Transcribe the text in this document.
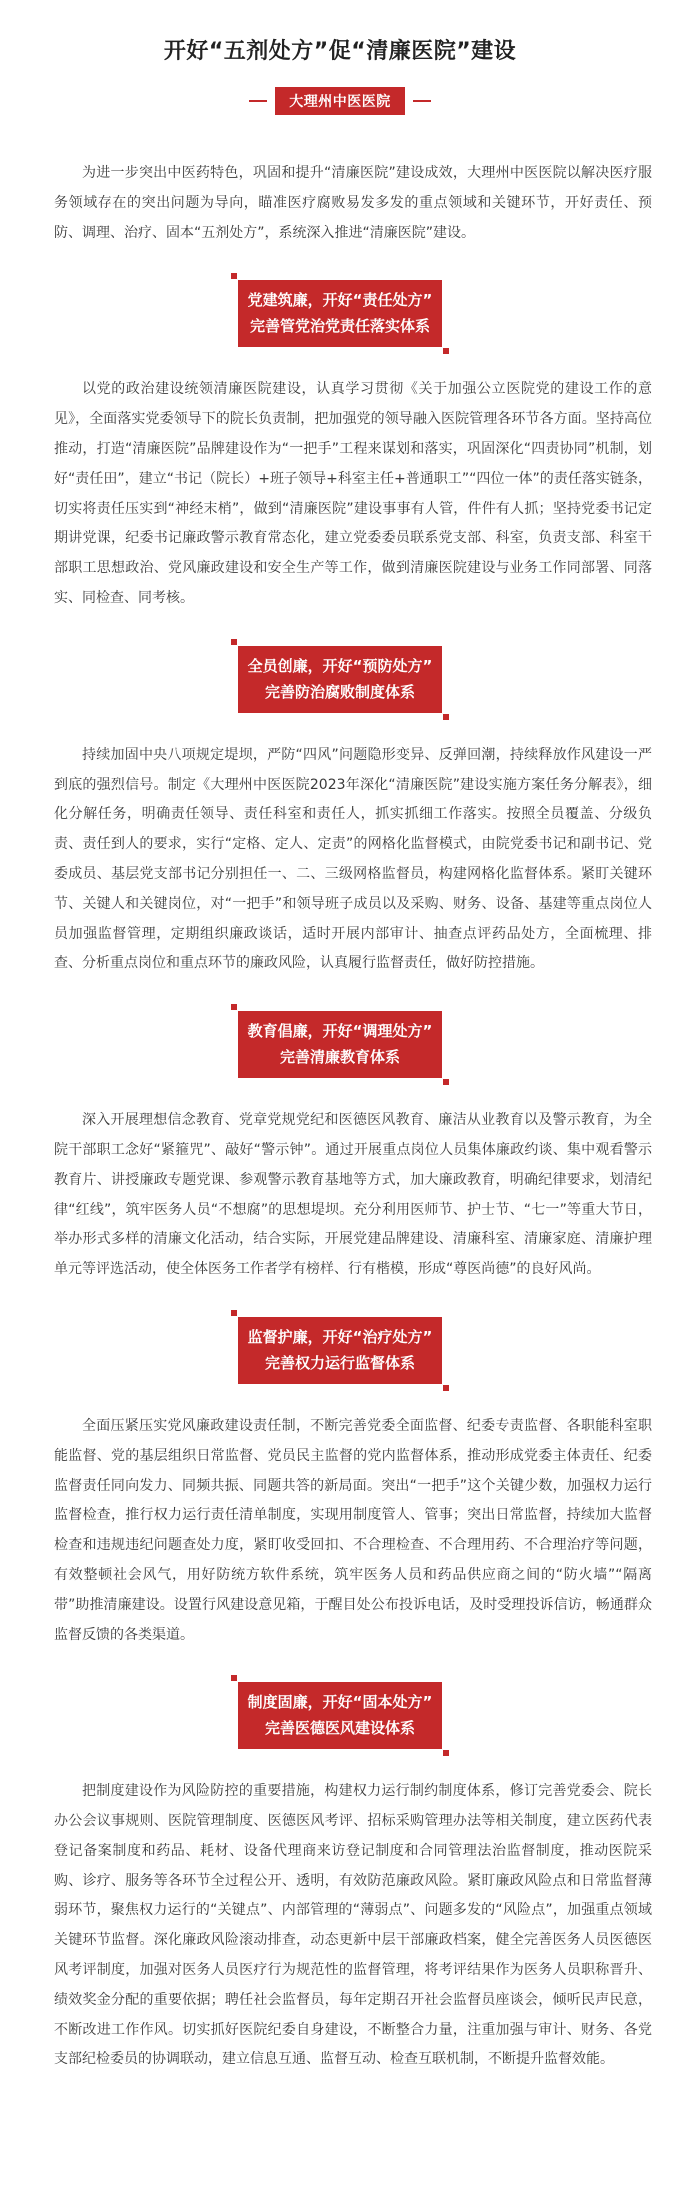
开好“五剂处方”促“清廉医院”建设
大理州中医医院

为进一步突出中医药特色，巩固和提升“清廉医院”建设成效，大理州中医医院以解决医疗服务领域存在的突出问题为导向，瞄准医疗腐败易发多发的重点领域和关键环节，开好责任、预防、调理、治疗、固本“五剂处方”，系统深入推进“清廉医院”建设。

党建筑廉，开好“责任处方”
完善管党治党责任落实体系

以党的政治建设统领清廉医院建设，认真学习贯彻《关于加强公立医院党的建设工作的意见》，全面落实党委领导下的院长负责制，把加强党的领导融入医院管理各环节各方面。坚持高位推动，打造“清廉医院”品牌建设作为“一把手”工程来谋划和落实，巩固深化“四责协同”机制，划好“责任田”，建立“书记（院长）+班子领导+科室主任+普通职工”“四位一体”的责任落实链条，切实将责任压实到“神经末梢”，做到“清廉医院”建设事事有人管，件件有人抓；坚持党委书记定期讲党课，纪委书记廉政警示教育常态化，建立党委委员联系党支部、科室，负责支部、科室干部职工思想政治、党风廉政建设和安全生产等工作，做到清廉医院建设与业务工作同部署、同落实、同检查、同考核。

全员创廉，开好“预防处方”
完善防治腐败制度体系

持续加固中央八项规定堤坝，严防“四风”问题隐形变异、反弹回潮，持续释放作风建设一严到底的强烈信号。制定《大理州中医医院2023年深化“清廉医院”建设实施方案任务分解表》，细化分解任务，明确责任领导、责任科室和责任人，抓实抓细工作落实。按照全员覆盖、分级负责、责任到人的要求，实行“定格、定人、定责”的网格化监督模式，由院党委书记和副书记、党委成员、基层党支部书记分别担任一、二、三级网格监督员，构建网格化监督体系。紧盯关键环节、关键人和关键岗位，对“一把手”和领导班子成员以及采购、财务、设备、基建等重点岗位人员加强监督管理，定期组织廉政谈话，适时开展内部审计、抽查点评药品处方，全面梳理、排查、分析重点岗位和重点环节的廉政风险，认真履行监督责任，做好防控措施。

教育倡廉，开好“调理处方”
完善清廉教育体系

深入开展理想信念教育、党章党规党纪和医德医风教育、廉洁从业教育以及警示教育，为全院干部职工念好“紧箍咒”、敲好“警示钟”。通过开展重点岗位人员集体廉政约谈、集中观看警示教育片、讲授廉政专题党课、参观警示教育基地等方式，加大廉政教育，明确纪律要求，划清纪律“红线”，筑牢医务人员“不想腐”的思想堤坝。充分利用医师节、护士节、“七一”等重大节日，举办形式多样的清廉文化活动，结合实际，开展党建品牌建设、清廉科室、清廉家庭、清廉护理单元等评选活动，使全体医务工作者学有榜样、行有楷模，形成“尊医尚德”的良好风尚。

监督护廉，开好“治疗处方”
完善权力运行监督体系

全面压紧压实党风廉政建设责任制，不断完善党委全面监督、纪委专责监督、各职能科室职能监督、党的基层组织日常监督、党员民主监督的党内监督体系，推动形成党委主体责任、纪委监督责任同向发力、同频共振、同题共答的新局面。突出“一把手”这个关键少数，加强权力运行监督检查，推行权力运行责任清单制度，实现用制度管人、管事；突出日常监督，持续加大监督检查和违规违纪问题查处力度，紧盯收受回扣、不合理检查、不合理用药、不合理治疗等问题，有效整顿社会风气，用好防统方软件系统，筑牢医务人员和药品供应商之间的“防火墙”“隔离带”助推清廉建设。设置行风建设意见箱，于醒目处公布投诉电话，及时受理投诉信访，畅通群众监督反馈的各类渠道。

制度固廉，开好“固本处方”
完善医德医风建设体系

把制度建设作为风险防控的重要措施，构建权力运行制约制度体系，修订完善党委会、院长办公会议事规则、医院管理制度、医德医风考评、招标采购管理办法等相关制度，建立医药代表登记备案制度和药品、耗材、设备代理商来访登记制度和合同管理法治监督制度，推动医院采购、诊疗、服务等各环节全过程公开、透明，有效防范廉政风险。紧盯廉政风险点和日常监督薄弱环节，聚焦权力运行的“关键点”、内部管理的“薄弱点”、问题多发的“风险点”，加强重点领域关键环节监督。深化廉政风险滚动排查，动态更新中层干部廉政档案，健全完善医务人员医德医风考评制度，加强对医务人员医疗行为规范性的监督管理，将考评结果作为医务人员职称晋升、绩效奖金分配的重要依据；聘任社会监督员，每年定期召开社会监督员座谈会，倾听民声民意，不断改进工作作风。切实抓好医院纪委自身建设，不断整合力量，注重加强与审计、财务、各党支部纪检委员的协调联动，建立信息互通、监督互动、检查互联机制，不断提升监督效能。
